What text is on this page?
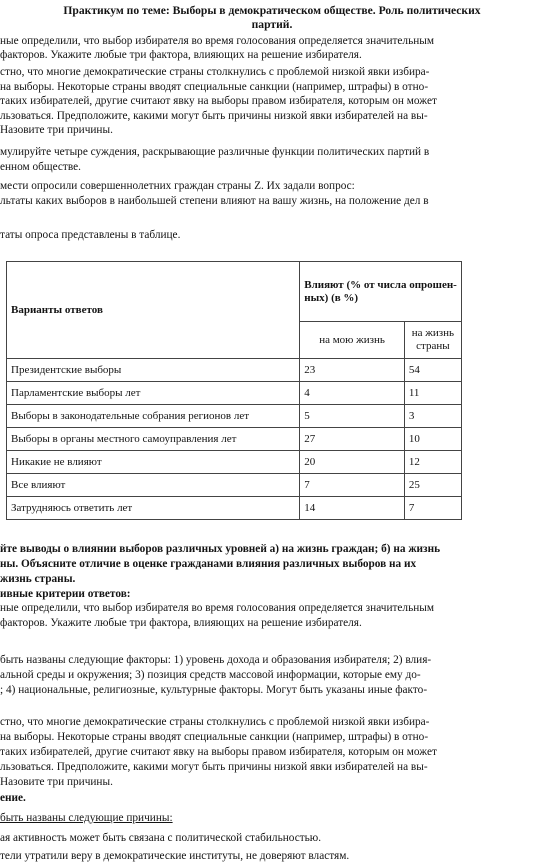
Практикум по теме: Выборы в демократическом обществе. Роль политических
партий.
ные определили, что выбор избирателя во время голосования определяется значительным
факторов. Укажите любые три фактора, влияющих на решение избирателя.
стно, что многие демократические страны столкнулись с проблемой низкой явки избира-
на выборы. Некоторые страны вводят специальные санкции (например, штрафы) в отно-
таких избирателей, другие считают явку на выборы правом избирателя, которым он может
льзоваться. Предположите, какими могут быть причины низкой явки избирателей на вы-
Назовите три причины.
мулируйте четыре суждения, раскрывающие различные функции политических партий в
енном обществе.
мести опросили совершеннолетних граждан страны Z. Их задали вопрос:
льтаты каких выборов в наибольшей степени влияют на вашу жизнь, на положение дел в
таты опроса представлены в таблице.
Варианты ответов	Влияют (% от числа опрошен-ных) (в %)	
	на мою жизнь	на жизнь страны
Президентские выборы	23	54
Парламентские выборы лет	4	11
Выборы в законодательные собрания регионов лет	5	3
Выборы в органы местного самоуправления лет	27	10
Никакие не влияют	20	12
Все влияют	7	25
Затрудняюсь ответить лет	14	7
йте выводы о влиянии выборов различных уровней а) на жизнь граждан; б) на жизнь
ны. Объясните отличие в оценке гражданами влияния различных выборов на их
жизнь страны.
ивные критерии ответов:
ные определили, что выбор избирателя во время голосования определяется значительным
факторов. Укажите любые три фактора, влияющих на решение избирателя.
быть названы следующие факторы: 1) уровень дохода и образования избирателя; 2) влия-
альной среды и окружения; 3) позиция средств массовой информации, которые ему до-
; 4) национальные, религиозные, культурные факторы. Могут быть указаны иные факто-
стно, что многие демократические страны столкнулись с проблемой низкой явки избира-
на выборы. Некоторые страны вводят специальные санкции (например, штрафы) в отно-
таких избирателей, другие считают явку на выборы правом избирателя, которым он может
льзоваться. Предположите, какими могут быть причины низкой явки избирателей на вы-
Назовите три причины.
ение.
быть названы следующие причины:
ая активность может быть связана с политической стабильностью.
тели утратили веру в демократические институты, не доверяют властям.
